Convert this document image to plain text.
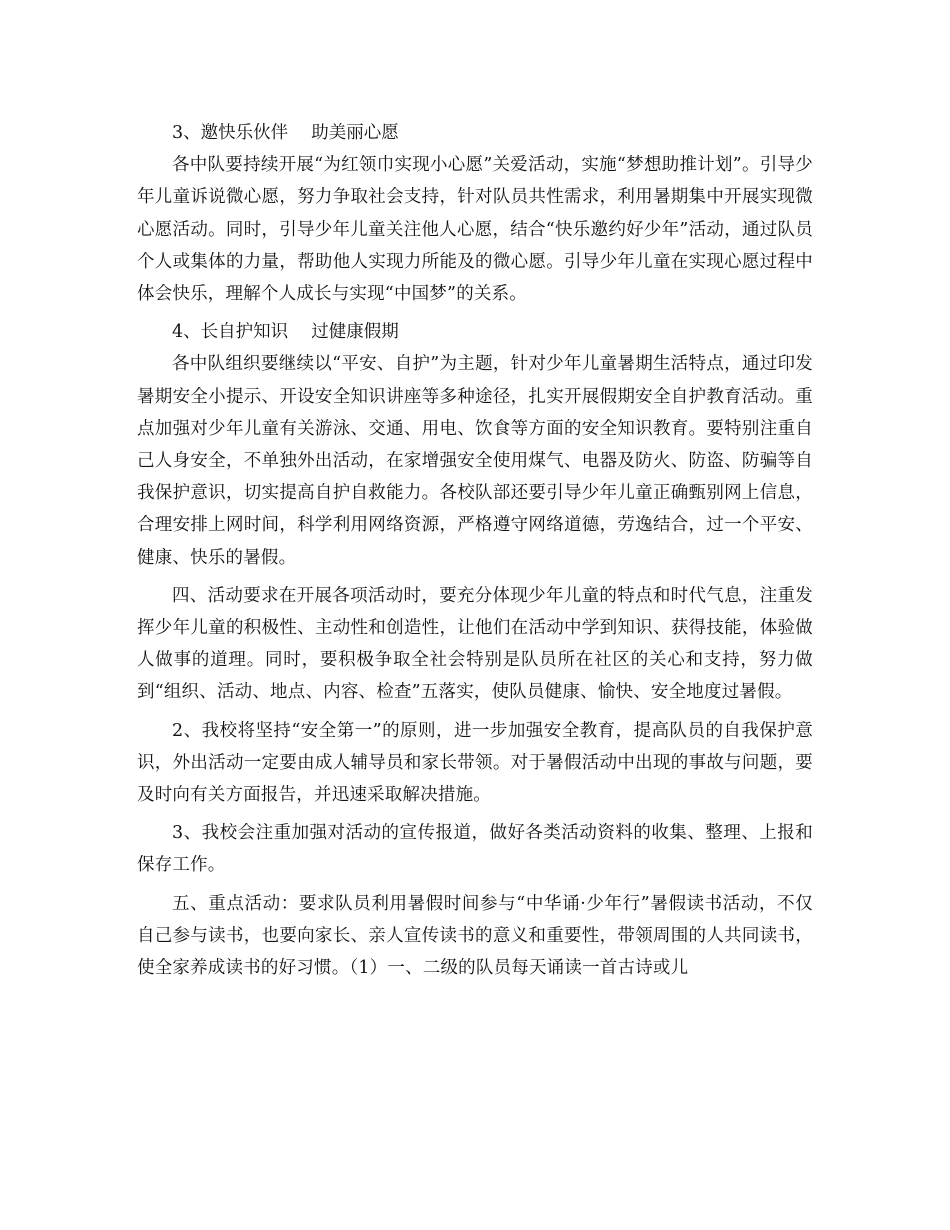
3、邀快乐伙伴　 助美丽心愿

各中队要持续开展“为红领巾实现小心愿”关爱活动，实施“梦想助推计划”。引导少年儿童诉说微心愿，努力争取社会支持，针对队员共性需求，利用暑期集中开展实现微心愿活动。同时，引导少年儿童关注他人心愿，结合“快乐邀约好少年”活动，通过队员个人或集体的力量，帮助他人实现力所能及的微心愿。引导少年儿童在实现心愿过程中体会快乐，理解个人成长与实现“中国梦”的关系。

4、长自护知识　 过健康假期

各中队组织要继续以“平安、自护”为主题，针对少年儿童暑期生活特点，通过印发暑期安全小提示、开设安全知识讲座等多种途径，扎实开展假期安全自护教育活动。重点加强对少年儿童有关游泳、交通、用电、饮食等方面的安全知识教育。要特别注重自己人身安全，不单独外出活动，在家增强安全使用煤气、电器及防火、防盗、防骗等自我保护意识，切实提高自护自救能力。各校队部还要引导少年儿童正确甄别网上信息，合理安排上网时间，科学利用网络资源，严格遵守网络道德，劳逸结合，过一个平安、健康、快乐的暑假。

四、活动要求在开展各项活动时，要充分体现少年儿童的特点和时代气息，注重发挥少年儿童的积极性、主动性和创造性，让他们在活动中学到知识、获得技能，体验做人做事的道理。同时，要积极争取全社会特别是队员所在社区的关心和支持，努力做到“组织、活动、地点、内容、检查”五落实，使队员健康、愉快、安全地度过暑假。

2、我校将坚持“安全第一”的原则，进一步加强安全教育，提高队员的自我保护意识，外出活动一定要由成人辅导员和家长带领。对于暑假活动中出现的事故与问题，要及时向有关方面报告，并迅速采取解决措施。

3、我校会注重加强对活动的宣传报道，做好各类活动资料的收集、整理、上报和保存工作。

五、重点活动：要求队员利用暑假时间参与“中华诵·少年行”暑假读书活动，不仅自己参与读书，也要向家长、亲人宣传读书的意义和重要性，带领周围的人共同读书，使全家养成读书的好习惯。（1）一、二级的队员每天诵读一首古诗或儿
